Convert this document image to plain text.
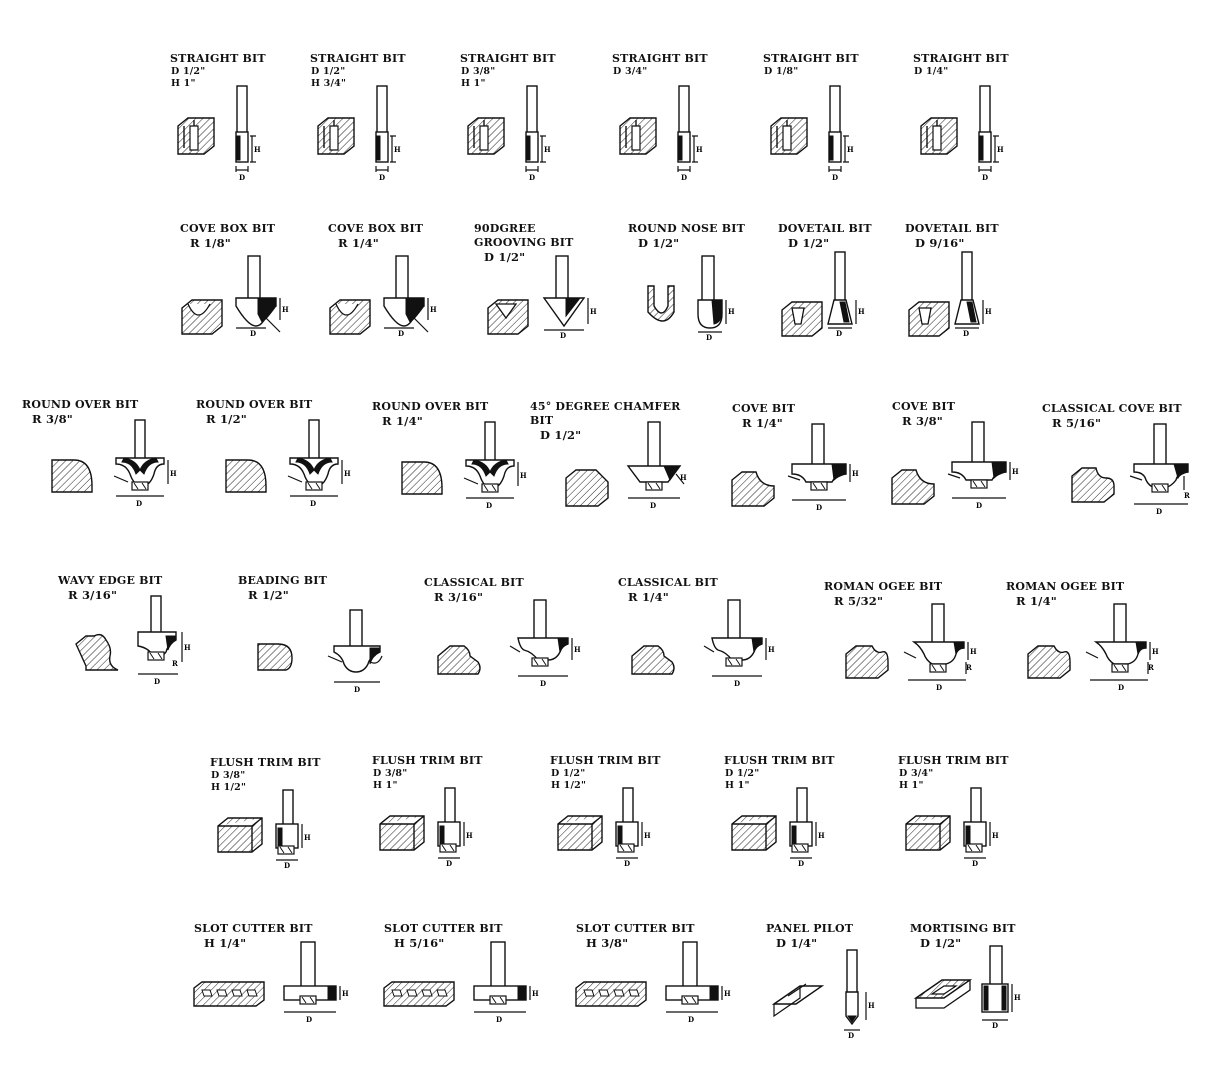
STRAIGHT BIT
D 1/2"
H 1"
H
D
STRAIGHT BIT
D 1/2"
H 3/4"
H
D
STRAIGHT BIT
D 3/8"
H 1"
H
D
STRAIGHT BIT
D 3/4"
H
D
STRAIGHT BIT
D 1/8"
H
D
STRAIGHT BIT
D 1/4"
H
D
COVE BOX BIT
R 1/8"
H
D
COVE BOX BIT
R 1/4"
H
D
90DGREE
GROOVING BIT
D 1/2"
H
D
ROUND NOSE BIT
D 1/2"
H
D
DOVETAIL BIT
D 1/2"
H
D
DOVETAIL BIT
D 9/16"
H
D
ROUND OVER BIT
R 3/8"
H
D
ROUND OVER BIT
R 1/2"
H
D
ROUND OVER BIT
R 1/4"
H
D
45° DEGREE CHAMFER BIT
D 1/2"
H
D
COVE BIT
R 1/4"
H
D
COVE BIT
R 3/8"
H
D
CLASSICAL COVE BIT
R 5/16"
R
D
WAVY EDGE BIT
R 3/16"
H
D
R
BEADING BIT
R 1/2"
D
CLASSICAL BIT
R 3/16"
H
D
CLASSICAL BIT
R 1/4"
H
D
ROMAN OGEE BIT
R 5/32"
H
R
D
ROMAN OGEE BIT
R 1/4"
H
R
D
FLUSH TRIM BIT
D 3/8"
H 1/2"
H
D
FLUSH TRIM BIT
D 3/8"
H 1"
H
D
FLUSH TRIM BIT
D 1/2"
H 1/2"
H
D
FLUSH TRIM BIT
D 1/2"
H 1"
H
D
FLUSH TRIM BIT
D 3/4"
H 1"
H
D
SLOT CUTTER BIT
H 1/4"
H
D
SLOT CUTTER BIT
H 5/16"
H
D
SLOT CUTTER BIT
H 3/8"
H
D
PANEL PILOT
D 1/4"
H
D
MORTISING BIT
D 1/2"
H
D
